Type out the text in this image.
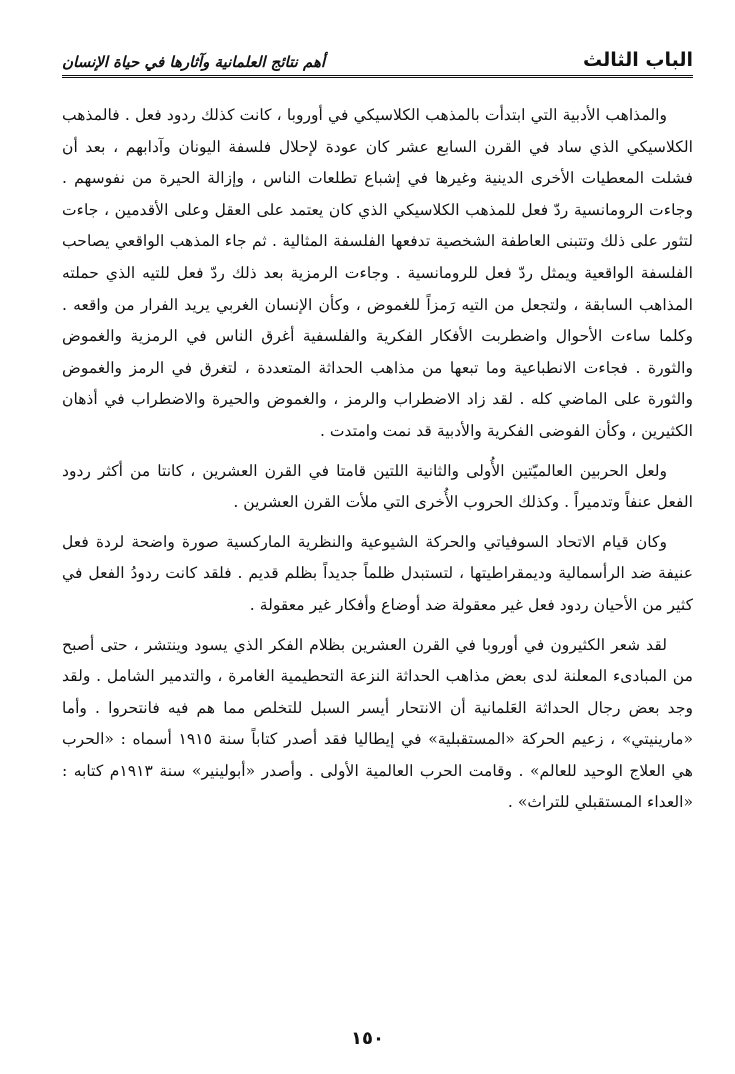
الباب الثالث
أهم نتائج العلمانية وآثارها في حياة الإنسان

والمذاهب الأدبية التي ابتدأت بالمذهب الكلاسيكي في أوروبا ، كانت كذلك ردود فعل . فالمذهب الكلاسيكي الذي ساد في القرن السابع عشر كان عودة لإحلال فلسفة اليونان وآدابهم ، بعد أن فشلت المعطيات الأخرى الدينية وغيرها في إشباع تطلعات الناس ، وإزالة الحيرة من نفوسهم . وجاءت الرومانسية ردّ فعل للمذهب الكلاسيكي الذي كان يعتمد على العقل وعلى الأقدمين ، جاءت لتثور على ذلك وتتبنى العاطفة الشخصية تدفعها الفلسفة المثالية . ثم جاء المذهب الواقعي يصاحب الفلسفة الواقعية ويمثل ردّ فعل للرومانسية . وجاءت الرمزية بعد ذلك ردّ فعل للتيه الذي حملته المذاهب السابقة ، ولتجعل من التيه رَمزاً للغموض ، وكأن الإنسان الغربي يريد الفرار من واقعه . وكلما ساءت الأحوال واضطربت الأفكار الفكرية والفلسفية أغرق الناس في الرمزية والغموض والثورة . فجاءت الانطباعية وما تبعها من مذاهب الحداثة المتعددة ، لتغرق في الرمز والغموض والثورة على الماضي كله . لقد زاد الاضطراب والرمز ، والغموض والحيرة والاضطراب في أذهان الكثيرين ، وكأن الفوضى الفكرية والأدبية قد نمت وامتدت .

ولعل الحربين العالميّتين الأُولى والثانية اللتين قامتا في القرن العشرين ، كانتا من أكثر ردود الفعل عنفاً وتدميراً . وكذلك الحروب الأُخرى التي ملأت القرن العشرين .

وكان قيام الاتحاد السوفياتي والحركة الشيوعية والنظرية الماركسية صورة واضحة لردة فعل عنيفة ضد الرأسمالية وديمقراطيتها ، لتستبدل ظلماً جديداً بظلم قديم . فلقد كانت ردودُ الفعل في كثير من الأحيان ردود فعل غير معقولة ضد أوضاع وأفكار غير معقولة .

لقد شعر الكثيرون في أوروبا في القرن العشرين بظلام الفكر الذي يسود وينتشر ، حتى أصبح من المبادىء المعلنة لدى بعض مذاهب الحداثة النزعة التحطيمية الغامرة ، والتدمير الشامل . ولقد وجد بعض رجال الحداثة العَلمانية أن الانتحار أيسر السبل للتخلص مما هم فيه فانتحروا . وأما «مارينيتي» ، زعيم الحركة «المستقبلية» في إيطاليا فقد أصدر كتاباً سنة ١٩١٥ أسماه : «الحرب هي العلاج الوحيد للعالم» . وقامت الحرب العالمية الأولى . وأصدر «أبولينير» سنة ١٩١٣م كتابه : «العداء المستقبلي للتراث» .

١٥٠
